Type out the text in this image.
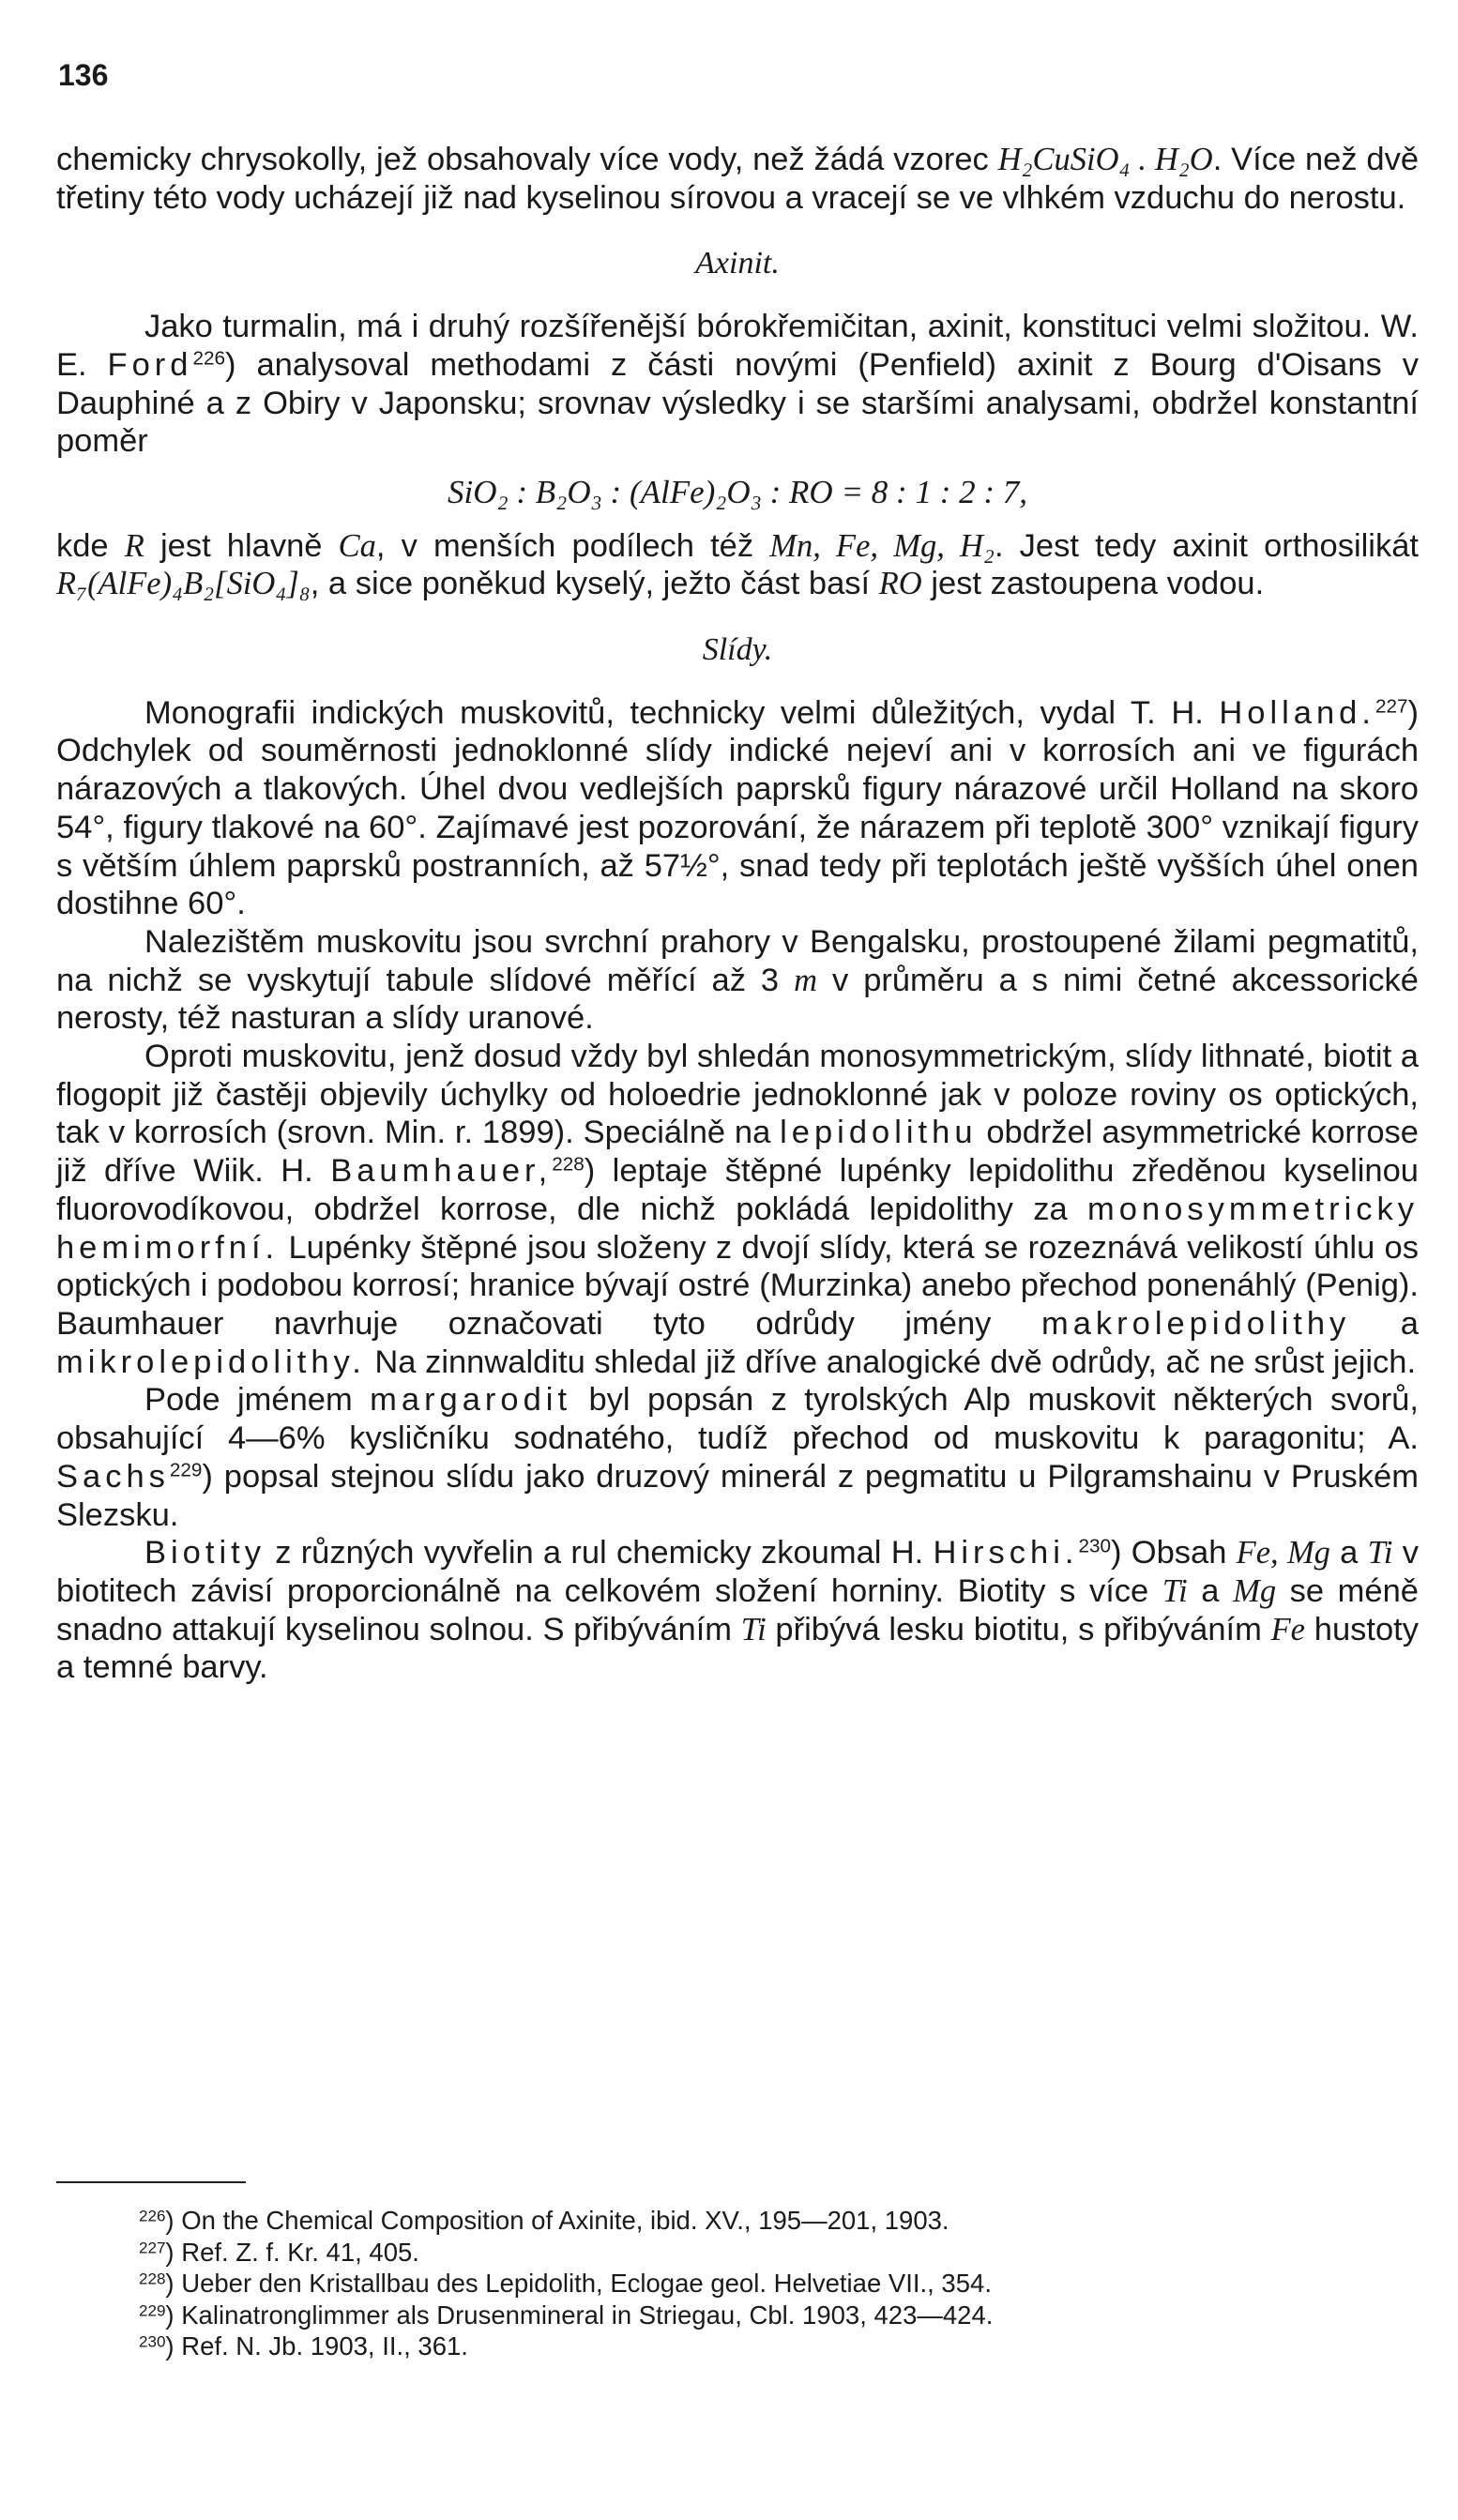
136

chemicky chrysokolly, jež obsahovaly více vody, než žádá vzorec H₂CuSiO₄ . H₂O. Více než dvě třetiny této vody ucházejí již nad kyselinou sírovou a vracejí se ve vlhkém vzduchu do nerostu.

Axinit.

Jako turmalin, má i druhý rozšířenější bórokřemičitan, axinit, konstituci velmi složitou. W. E. Ford$^{226}$) analysoval methodami z části novými (Penfield) axinit z Bourg d'Oisans v Dauphiné a z Obiry v Japonsku; srovnav výsledky i se staršími analysami, obdržel konstantní poměr

SiO₂ : B₂O₃ : (AlFe)₂O₃ : RO = 8 : 1 : 2 : 7,

kde R jest hlavně Ca, v menších podílech též Mn, Fe, Mg, H₂. Jest tedy axinit orthosilikát R₇(AlFe)₄B₂[SiO₄]₈, a sice poněkud kyselý, ježto část basí RO jest zastoupena vodou.

Slídy.

Monografii indických muskovitů, technicky velmi důležitých, vydal T. H. Holland.$^{227}$) Odchylek od souměrnosti jednoklonné slídy indické nejeví ani v korrosích ani ve figurách nárazových a tlakových. Úhel dvou vedlejších paprsků figury nárazové určil Holland na skoro 54°, figury tlakové na 60°. Zajímavé jest pozorování, že nárazem při teplotě 300° vznikají figury s větším úhlem paprsků postranních, až 57½°, snad tedy při teplotách ještě vyšších úhel onen dostihne 60°.

Nalezištěm muskovitu jsou svrchní prahory v Bengalsku, prostoupené žilami pegmatitů, na nichž se vyskytují tabule slídové měřící až 3 m v průměru a s nimi četné akcessorické nerosty, též nasturan a slídy uranové.

Oproti muskovitu, jenž dosud vždy byl shledán monosymmetrickým, slídy lithnaté, biotit a flogopit již častěji objevily úchylky od holoedrie jednoklonné jak v poloze roviny os optických, tak v korrosích (srovn. Min. r. 1899). Speciálně na lepidolithu obdržel asymmetrické korrose již dříve Wiik. H. Baumhauer,$^{228}$) leptaje štěpné lupénky lepidolithu zředěnou kyselinou fluorovodíkovou, obdržel korrose, dle nichž pokládá lepidolithy za monosymmetricky hemimorfní. Lupénky štěpné jsou složeny z dvojí slídy, která se rozeznává velikostí úhlu os optických i podobou korrosí; hranice bývají ostré (Murzinka) anebo přechod ponenáhlý (Penig). Baumhauer navrhuje označovati tyto odrůdy jmény makrolepidolithy a mikrolepidolithy. Na zinnwalditu shledal již dříve analogické dvě odrůdy, ač ne srůst jejich.

Pode jménem margarodit byl popsán z tyrolských Alp muskovit některých svorů, obsahující 4—6% kysličníku sodnatého, tudíž přechod od muskovitu k paragonitu; A. Sachs$^{229}$) popsal stejnou slídu jako druzový minerál z pegmatitu u Pilgramshainu v Pruském Slezsku.

Biotity z různých vyvřelin a rul chemicky zkoumal H. Hirschi.$^{230}$) Obsah Fe, Mg a Ti v biotitech závisí proporcionálně na celkovém složení horniny. Biotity s více Ti a Mg se méně snadno attakují kyselinou solnou. S přibýváním Ti přibývá lesku biotitu, s přibýváním Fe hustoty a temné barvy.

$^{226}$) On the Chemical Composition of Axinite, ibid. XV., 195—201, 1903.
$^{227}$) Ref. Z. f. Kr. 41, 405.
$^{228}$) Ueber den Kristallbau des Lepidolith, Eclogae geol. Helvetiae VII., 354.
$^{229}$) Kalinatronglimmer als Drusenmineral in Striegau, Cbl. 1903, 423—424.
$^{230}$) Ref. N. Jb. 1903, II., 361.
